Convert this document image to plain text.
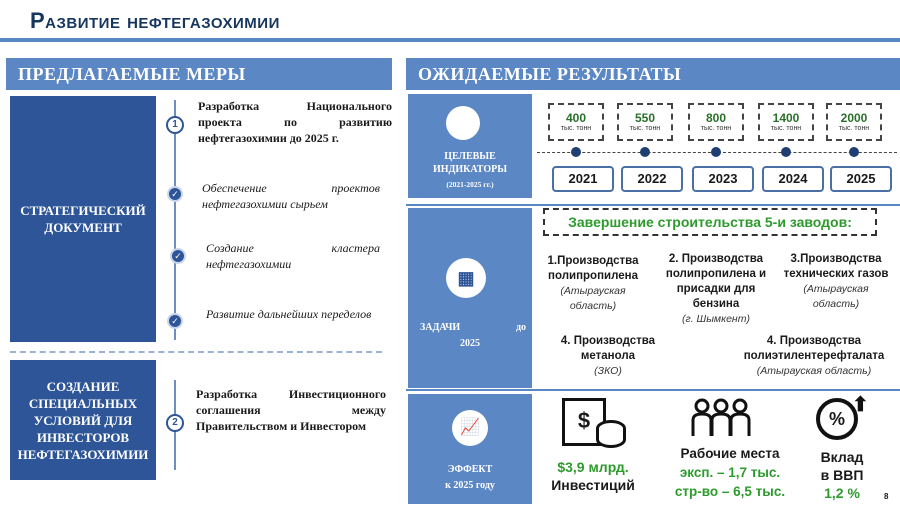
Развитие нефтегазохимии
ПРЕДЛАГАЕМЫЕ МЕРЫ
СТРАТЕГИЧЕСКИЙ ДОКУМЕНТ
1
Разработка Национального проекта по развитию нефтегазохимии до 2025 г.
✓	Обеспечение проектов нефтегазохимии сырьем
✓
Создание кластера нефтегазохимии
✓	Развитие дальнейших переделов
СОЗДАНИЕ СПЕЦИАЛЬНЫХ УСЛОВИЙ ДЛЯ ИНВЕСТОРОВ НЕФТЕГАЗОХИМИИ
2
Разработка Инвестиционного соглашения между Правительством и Инвестором
ОЖИДАЕМЫЕ РЕЗУЛЬТАТЫ
ЦЕЛЕВЫЕ ИНДИКАТОРЫ
(2021-2025 гг.)
400
тыс. тонн
550
тыс. тонн
800
тыс. тонн
1400
тыс. тонн
2000
тыс. тонн
2021	2022	2023	2024	2025
▦
ЗАДАЧИ	до
2025
Завершение строительства 5-и заводов:
1.Производства полипропилена
(Атырауская область)
2. Производства полипропилена и присадки для бензина
(г. Шымкент)
3.Производства технических газов
(Атырауская область)
4. Производства метанола
(ЗКО)
4. Производства полиэтилентерефталата
(Атырауская область)
📈
ЭФФЕКТ
к 2025 году
$
$3,9 млрд.
Инвестиций
Рабочие места
эксп. – 1,7 тыс.
стр-во – 6,5 тыс.
%
⬆
Вклад
в ВВП
1,2 %	8
